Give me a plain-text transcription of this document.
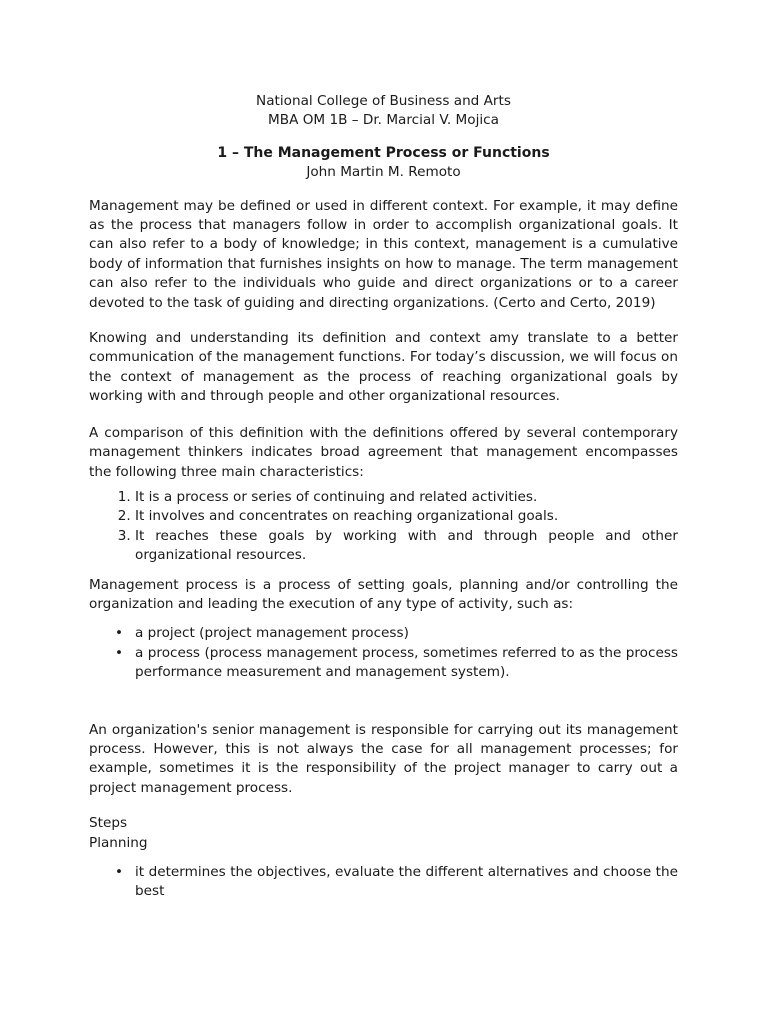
National College of Business and Arts
MBA OM 1B – Dr. Marcial V. Mojica
1 – The Management Process or Functions
John Martin M. Remoto

Management may be defined or used in different context. For example, it may define as the process that managers follow in order to accomplish organizational goals. It can also refer to a body of knowledge; in this context, management is a cumulative body of information that furnishes insights on how to manage. The term management can also refer to the individuals who guide and direct organizations or to a career devoted to the task of guiding and directing organizations. (Certo and Certo, 2019)

Knowing and understanding its definition and context amy translate to a better communication of the management functions. For today’s discussion, we will focus on the context of management as the process of reaching organizational goals by working with and through people and other organizational resources.

A comparison of this definition with the definitions offered by several contemporary management thinkers indicates broad agreement that management encompasses the following three main characteristics:

1. It is a process or series of continuing and related activities.
2. It involves and concentrates on reaching organizational goals.
3. It reaches these goals by working with and through people and other organizational resources.

Management process is a process of setting goals, planning and/or controlling the organization and leading the execution of any type of activity, such as:

• a project (project management process)
• a process (process management process, sometimes referred to as the process performance measurement and management system).

An organization's senior management is responsible for carrying out its management process. However, this is not always the case for all management processes; for example, sometimes it is the responsibility of the project manager to carry out a project management process.

Steps
Planning
• it determines the objectives, evaluate the different alternatives and choose the best
